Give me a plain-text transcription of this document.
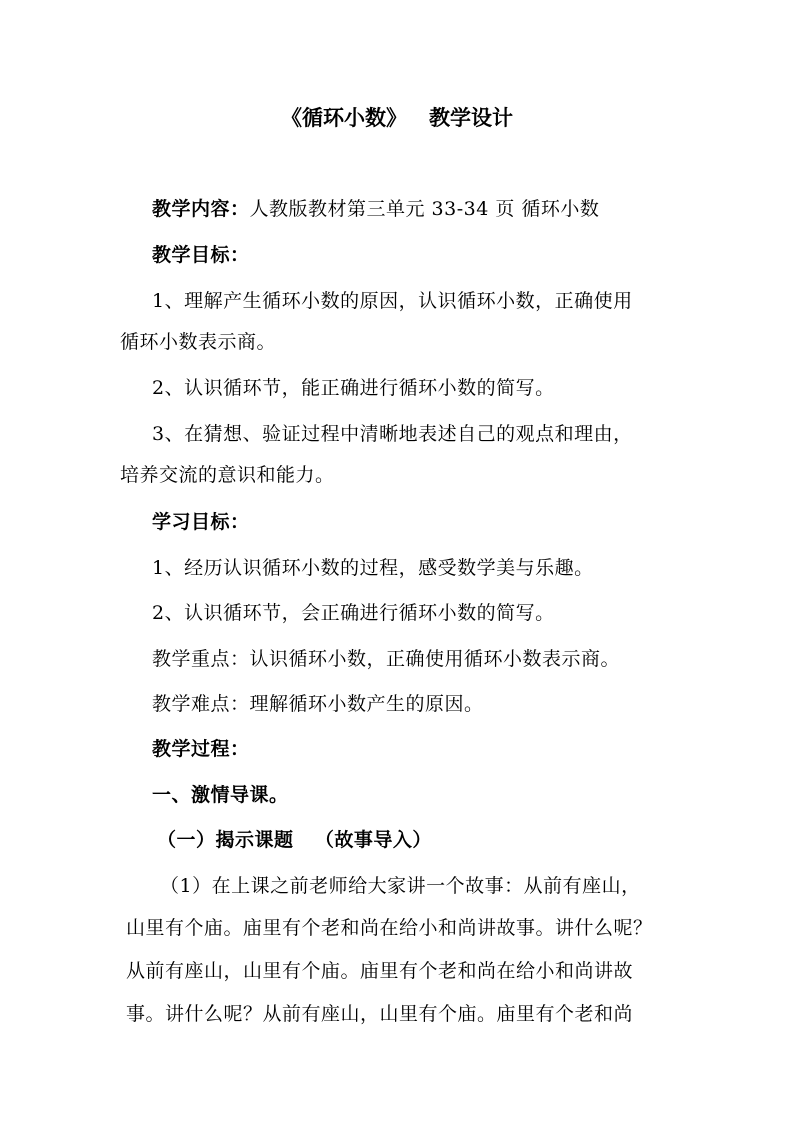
《循环小数》   教学设计
教学内容：人教版教材第三单元 33-34 页 循环小数
教学目标：
1、理解产生循环小数的原因，认识循环小数，正确使用
循环小数表示商。
2、认识循环节，能正确进行循环小数的简写。
3、在猜想、验证过程中清晰地表述自己的观点和理由，
培养交流的意识和能力。
学习目标：
1、经历认识循环小数的过程，感受数学美与乐趣。
2、认识循环节，会正确进行循环小数的简写。
教学重点：认识循环小数，正确使用循环小数表示商。
教学难点：理解循环小数产生的原因。
教学过程：
一、激情导课。
（一）揭示课题   （故事导入）
（1）在上课之前老师给大家讲一个故事：从前有座山，
山里有个庙。庙里有个老和尚在给小和尚讲故事。讲什么呢？
从前有座山，山里有个庙。庙里有个老和尚在给小和尚讲故
事。讲什么呢？从前有座山，山里有个庙。庙里有个老和尚
